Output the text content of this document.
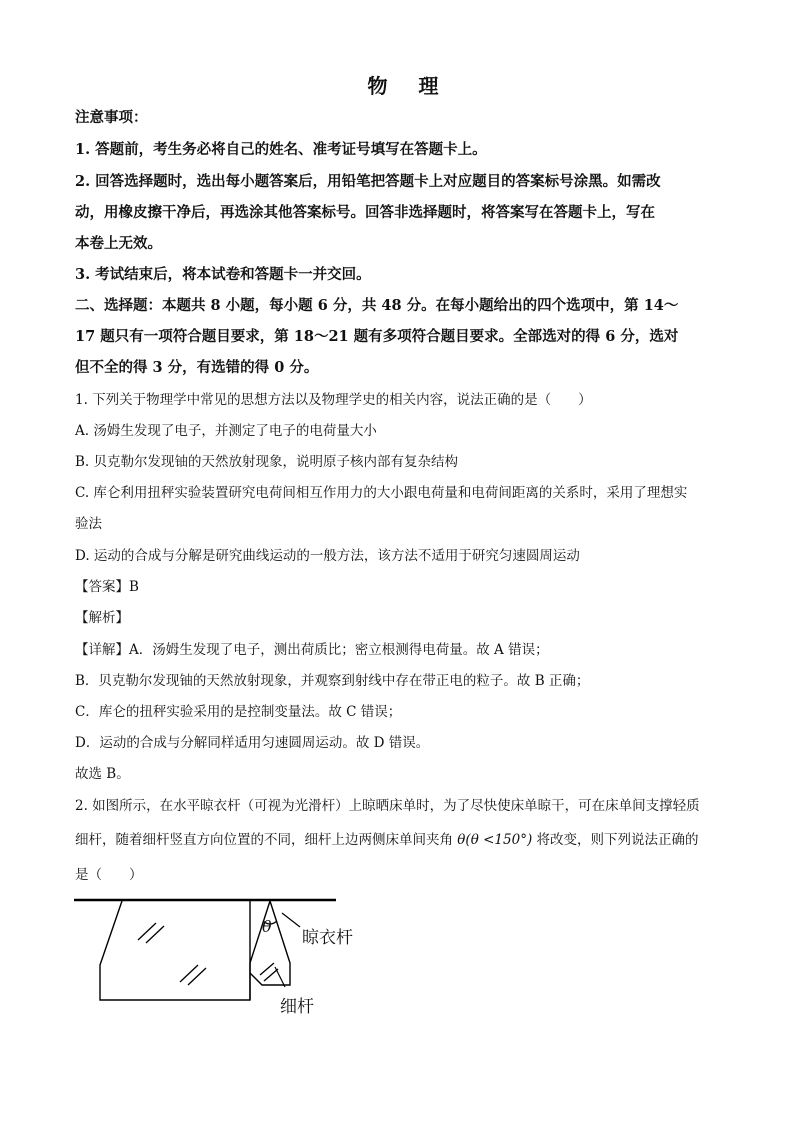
物 理
注意事项：
1. 答题前，考生务必将自己的姓名、准考证号填写在答题卡上。
2. 回答选择题时，选出每小题答案后，用铅笔把答题卡上对应题目的答案标号涂黑。如需改
动，用橡皮擦干净后，再选涂其他答案标号。回答非选择题时，将答案写在答题卡上，写在
本卷上无效。
3. 考试结束后，将本试卷和答题卡一并交回。
二、选择题：本题共 8 小题，每小题 6 分，共 48 分。在每小题给出的四个选项中，第 14～
17 题只有一项符合题目要求，第 18～21 题有多项符合题目要求。全部选对的得 6 分，选对
但不全的得 3 分，有选错的得 0 分。
1. 下列关于物理学中常见的思想方法以及物理学史的相关内容，说法正确的是（　　）
A. 汤姆生发现了电子，并测定了电子的电荷量大小
B. 贝克勒尔发现铀的天然放射现象，说明原子核内部有复杂结构
C. 库仑利用扭秤实验装置研究电荷间相互作用力的大小跟电荷量和电荷间距离的关系时，采用了理想实
验法
D. 运动的合成与分解是研究曲线运动的一般方法，该方法不适用于研究匀速圆周运动
【答案】B
【解析】
【详解】A．汤姆生发现了电子，测出荷质比；密立根测得电荷量。故 A 错误；
B．贝克勒尔发现铀的天然放射现象，并观察到射线中存在带正电的粒子。故 B 正确；
C．库仑的扭秤实验采用的是控制变量法。故 C 错误；
D．运动的合成与分解同样适用匀速圆周运动。故 D 错误。
故选 B。
2. 如图所示，在水平晾衣杆（可视为光滑杆）上晾晒床单时，为了尽快使床单晾干，可在床单间支撑轻质
细杆，随着细杆竖直方向位置的不同，细杆上边两侧床单间夹角 θ(θ <150°) 将改变，则下列说法正确的
是（　　）
θ
晾衣杆
细杆
